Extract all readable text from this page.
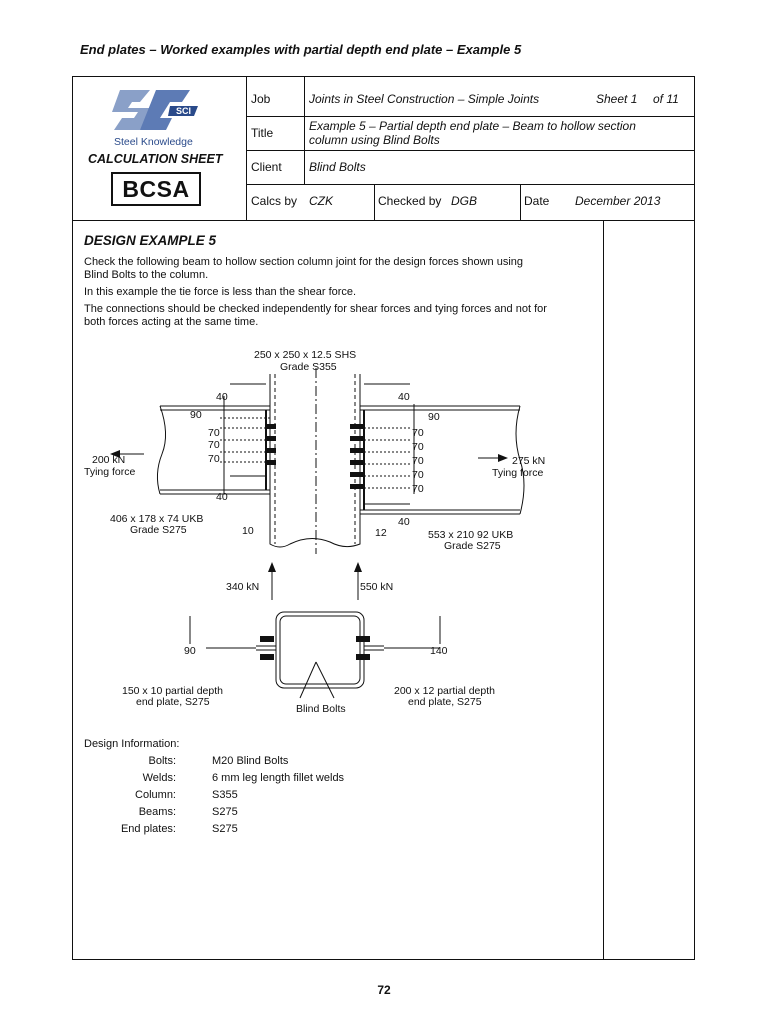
End plates – Worked examples with partial depth end plate – Example 5
SCI
Steel Knowledge
CALCULATION SHEET
BCSA
Job	Joints in Steel Construction – Simple Joints	Sheet 1 of 11
Title	Example 5 – Partial depth end plate – Beam to hollow section
column using Blind Bolts
Client Blind Bolts
Calcs by CZK	Checked by DGB	Date December 2013
DESIGN EXAMPLE 5
Check the following beam to hollow section column joint for the design forces shown using
Blind Bolts to the column.
In this example the tie force is less than the shear force.
The connections should be checked independently for shear forces and tying forces and not for
both forces acting at the same time.
250 x 250 x 12.5 SHS
Grade S355
40
90
70
70
70
40
200 kN
Tying force
406 x 178 x 74 UKB
Grade S275	10
40
90
70
70
70
70
70
40
275 kN
Tying force
12	553 x 210 92 UKB
Grade S275
340 kN	550 kN
90	140
150 x 10 partial depth
end plate, S275
200 x 12 partial depth
end plate, S275
Blind Bolts
Design Information:
Bolts:	M20 Blind Bolts
Welds:	6 mm leg length fillet welds
Column:	S355
Beams:	S275
End plates:	S275
72
